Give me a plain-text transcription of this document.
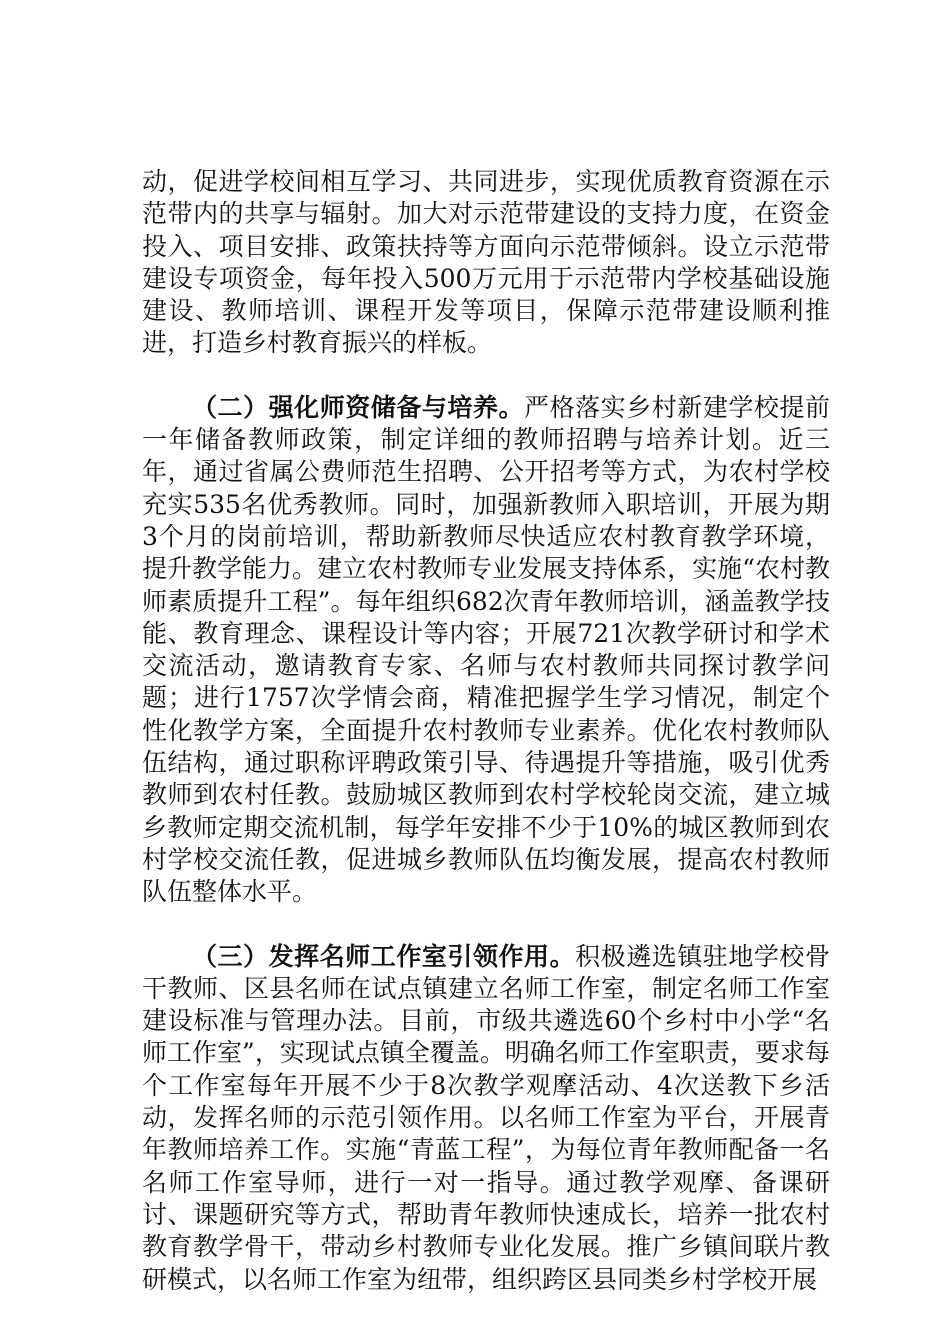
动，促进学校间相互学习、共同进步，实现优质教育资源在示范带内的共享与辐射。加大对示范带建设的支持力度，在资金投入、项目安排、政策扶持等方面向示范带倾斜。设立示范带建设专项资金，每年投入500万元用于示范带内学校基础设施建设、教师培训、课程开发等项目，保障示范带建设顺利推进，打造乡村教育振兴的样板。

（二）强化师资储备与培养。严格落实乡村新建学校提前一年储备教师政策，制定详细的教师招聘与培养计划。近三年，通过省属公费师范生招聘、公开招考等方式，为农村学校充实535名优秀教师。同时，加强新教师入职培训，开展为期3个月的岗前培训，帮助新教师尽快适应农村教育教学环境，提升教学能力。建立农村教师专业发展支持体系，实施“农村教师素质提升工程”。每年组织682次青年教师培训，涵盖教学技能、教育理念、课程设计等内容；开展721次教学研讨和学术交流活动，邀请教育专家、名师与农村教师共同探讨教学问题；进行1757次学情会商，精准把握学生学习情况，制定个性化教学方案，全面提升农村教师专业素养。优化农村教师队伍结构，通过职称评聘政策引导、待遇提升等措施，吸引优秀教师到农村任教。鼓励城区教师到农村学校轮岗交流，建立城乡教师定期交流机制，每学年安排不少于10%的城区教师到农村学校交流任教，促进城乡教师队伍均衡发展，提高农村教师队伍整体水平。

（三）发挥名师工作室引领作用。积极遴选镇驻地学校骨干教师、区县名师在试点镇建立名师工作室，制定名师工作室建设标准与管理办法。目前，市级共遴选60个乡村中小学“名师工作室”，实现试点镇全覆盖。明确名师工作室职责，要求每个工作室每年开展不少于8次教学观摩活动、4次送教下乡活动，发挥名师的示范引领作用。以名师工作室为平台，开展青年教师培养工作。实施“青蓝工程”，为每位青年教师配备一名名师工作室导师，进行一对一指导。通过教学观摩、备课研讨、课题研究等方式，帮助青年教师快速成长，培养一批农村教育教学骨干，带动乡村教师专业化发展。推广乡镇间联片教研模式，以名师工作室为纽带，组织跨区县同类乡村学校开展
